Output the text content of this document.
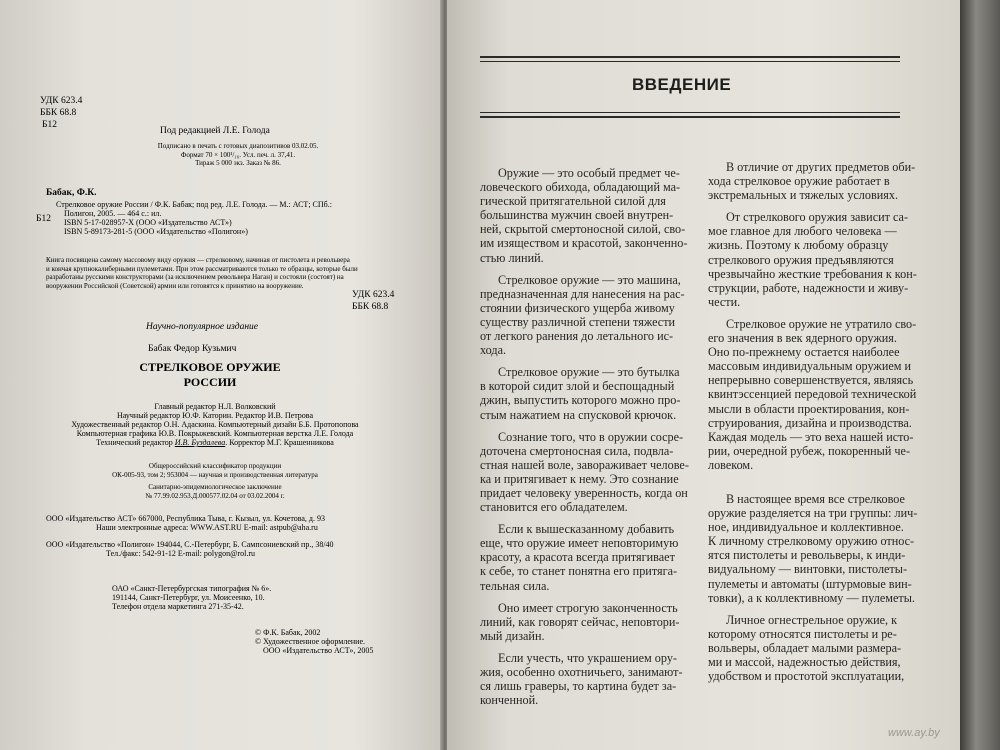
УДК 623.4
ББК 68.8
Б12
Под редакцией Л.Е. Голода
Подписано в печать с готовых диапозитивов 03.02.05.
Формат 70 × 100¹/₁₆. Усл. печ. л. 37,41.
Тираж 5 000 экз. Заказ № 86.
Бабак, Ф.К.
Б12
Стрелковое оружие России / Ф.К. Бабак; под ред. Л.Е. Голода. — М.: АСТ; СПб.:
Полигон, 2005. — 464 с.: ил.
ISBN 5-17-028957-X (ООО «Издательство АСТ»)
ISBN 5-89173-281-5 (ООО «Издательство «Полигон»)
Книга посвящена самому массовому виду оружия — стрелковому, начиная от пистолета и револьвера
и кончая крупнокалиберными пулеметами. При этом рассматриваются только те образцы, которые были
разработаны русскими конструкторами (за исключением револьвера Наган) и состояли (состоят) на
вооружении Российской (Советской) армии или готовятся к принятию на вооружение.
УДК 623.4
ББК 68.8
Научно-популярное издание
Бабак Федор Кузьмич
СТРЕЛКОВОЕ ОРУЖИЕ
РОССИИ
Главный редактор Н.Л. Волковский
Научный редактор Ю.Ф. Каторин. Редактор И.В. Петрова
Художественный редактор О.Н. Адаскина. Компьютерный дизайн Б.Б. Протопопова
Компьютерная графика Ю.В. Покрыжевский. Компьютерная верстка Л.Е. Голода
Технический редактор И.В. Буздалева. Корректор М.Г. Крашенникова
Общероссийский классификатор продукции
ОК-005-93, том 2; 953004 — научная и производственная литература
Санитарно-эпидемиологическое заключение
№ 77.99.02.953.Д.000577.02.04 от 03.02.2004 г.
ООО «Издательство АСТ» 667000, Республика Тыва, г. Кызыл, ул. Кочетова, д. 93
Наши электронные адреса: WWW.AST.RU E-mail: astpub@aha.ru
ООО «Издательство «Полигон» 194044, С.-Петербург, Б. Сампсониевский пр., 38/40
Тел./факс: 542-91-12 E-mail: polygon@rol.ru
ОАО «Санкт-Петербургская типография № 6».
191144, Санкт-Петербург, ул. Моисеенко, 10.
Телефон отдела маркетинга 271-35-42.
© Ф.К. Бабак, 2002
© Художественное оформление.
ООО «Издательство АСТ», 2005
ВВЕДЕНИЕ
Оружие — это особый предмет че-
ловеческого обихода, обладающий ма-
гической притягательной силой для
большинства мужчин своей внутрен-
ней, скрытой смертоносной силой, сво-
им изяществом и красотой, законченно-
стью линий.
Стрелковое оружие — это машина,
предназначенная для нанесения на рас-
стоянии физического ущерба живому
существу различной степени тяжести
от легкого ранения до летального ис-
хода.
Стрелковое оружие — это бутылка
в которой сидит злой и беспощадный
джин, выпустить которого можно про-
стым нажатием на спусковой крючок.
Сознание того, что в оружии сосре-
доточена смертоносная сила, подвла-
стная нашей воле, завораживает челове-
ка и притягивает к нему. Это сознание
придает человеку уверенность, когда он
становится его обладателем.
Если к вышесказанному добавить
еще, что оружие имеет неповторимую
красоту, а красота всегда притягивает
к себе, то станет понятна его притяга-
тельная сила.
Оно имеет строгую законченность
линий, как говорят сейчас, неповтори-
мый дизайн.
Если учесть, что украшением ору-
жия, особенно охотничьего, занимают-
ся лишь граверы, то картина будет за-
конченной.
В отличие от других предметов оби-
хода стрелковое оружие работает в
экстремальных и тяжелых условиях.
От стрелкового оружия зависит са-
мое главное для любого человека —
жизнь. Поэтому к любому образцу
стрелкового оружия предъявляются
чрезвычайно жесткие требования к кон-
струкции, работе, надежности и живу-
чести.
Стрелковое оружие не утратило сво-
его значения в век ядерного оружия.
Оно по-прежнему остается наиболее
массовым индивидуальным оружием и
непрерывно совершенствуется, являясь
квинтэссенцией передовой технической
мысли в области проектирования, кон-
струирования, дизайна и производства.
Каждая модель — это веха нашей исто-
рии, очередной рубеж, покоренный че-
ловеком.
В настоящее время все стрелковое
оружие разделяется на три группы: лич-
ное, индивидуальное и коллективное.
К личному стрелковому оружию относ-
ятся пистолеты и револьверы, к инди-
видуальному — винтовки, пистолеты-
пулеметы и автоматы (штурмовые вин-
товки), а к коллективному — пулеметы.
Личное огнестрельное оружие, к
которому относятся пистолеты и ре-
вольверы, обладает малыми размера-
ми и массой, надежностью действия,
удобством и простотой эксплуатации,
www.ay.by
